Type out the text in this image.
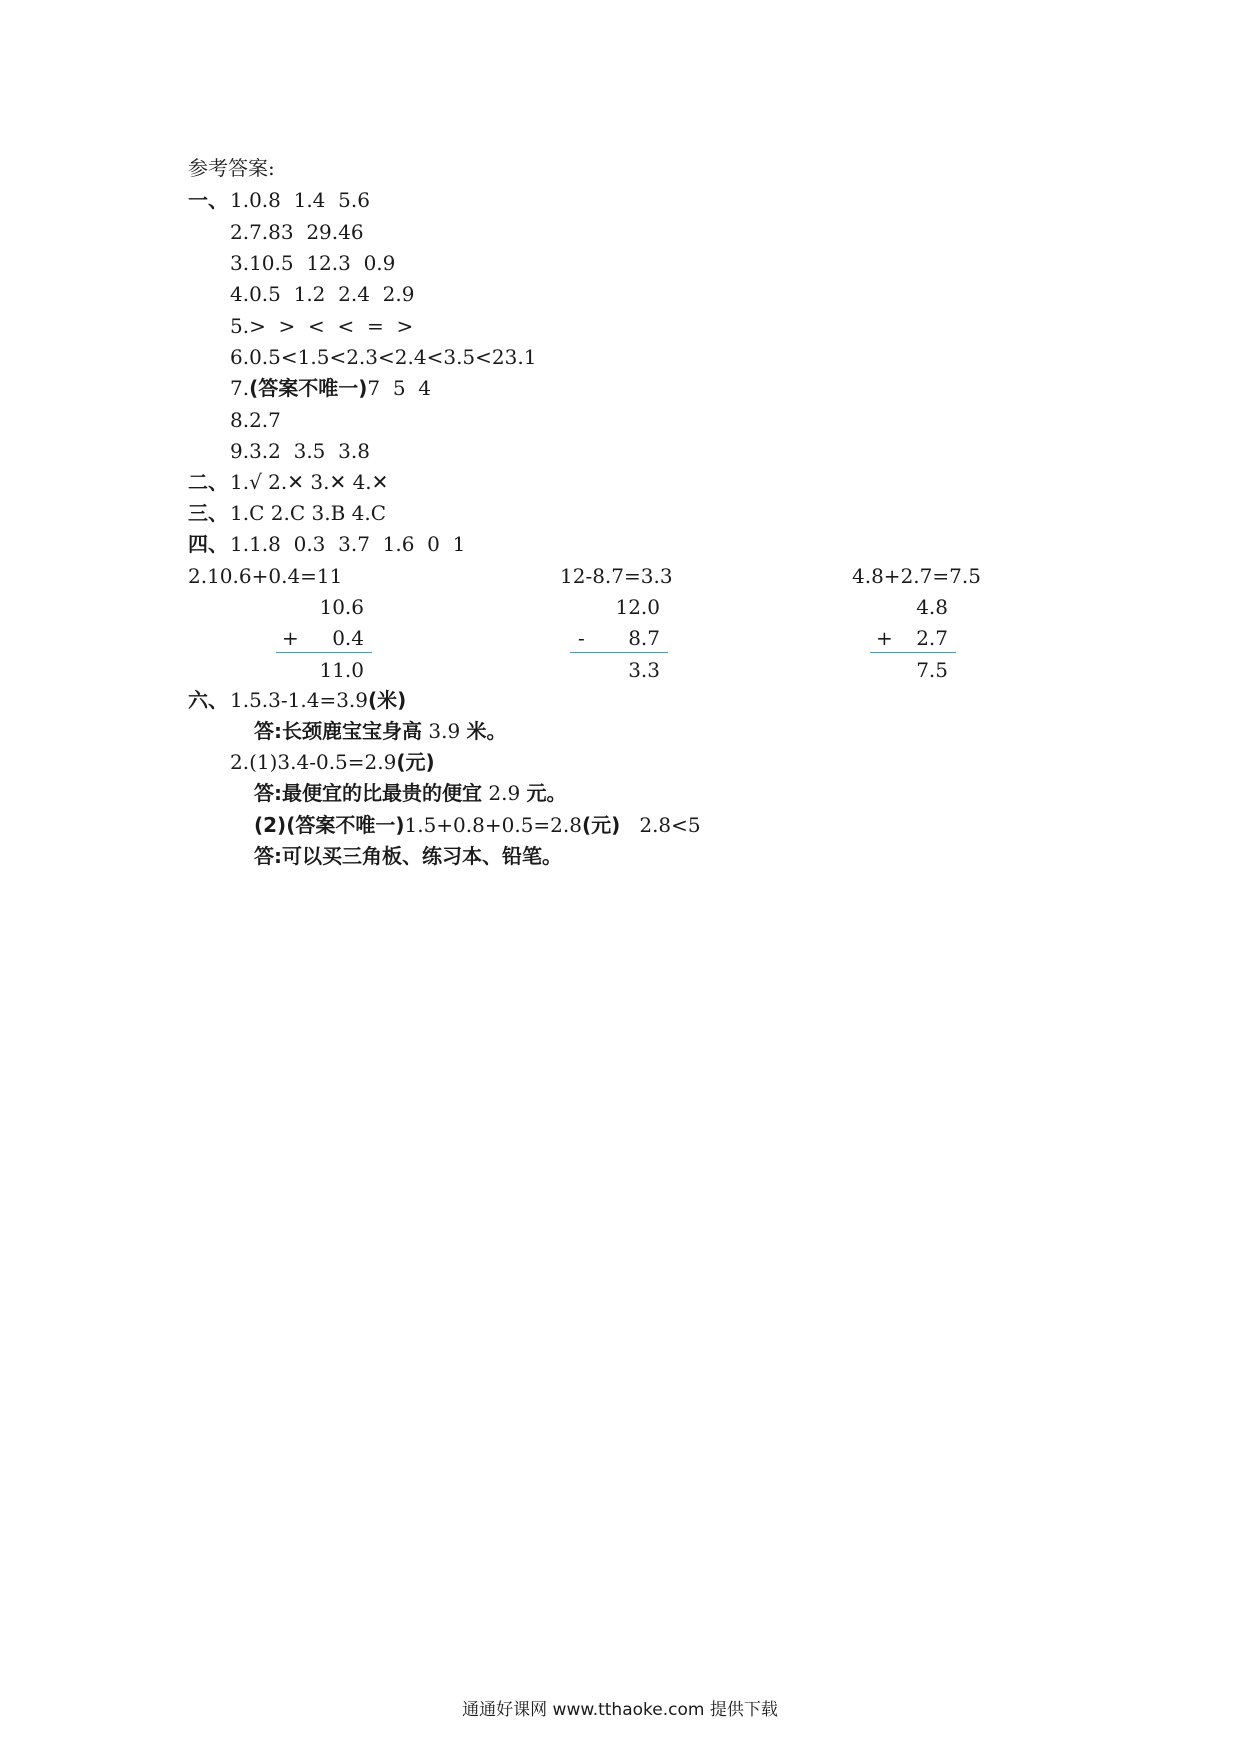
参考答案:
一、 1.0.8  1.4  5.6
2.7.83  29.46
3.10.5  12.3  0.9
4.0.5  1.2  2.4  2.9
5.>  >  <  <  =  >
6.0.5<1.5<2.3<2.4<3.5<23.1
7.(答案不唯一)7  5  4
8.2.7
9.3.2  3.5  3.8
二、 1.√ 2.✕ 3.✕ 4.✕
三、 1.C 2.C 3.B 4.C
四、 1.1.8  0.3  3.7  1.6  0  1
2.10.6+0.4=11
10.6
+	0.4
11.0
12-8.7=3.3
12.0
-	8.7
3.3
4.8+2.7=7.5
4.8
+	2.7
7.5
六、 1.5.3-1.4=3.9(米)
答:长颈鹿宝宝身高 3.9 米。
2.(1)3.4-0.5=2.9(元)
答:最便宜的比最贵的便宜 2.9 元。
(2)(答案不唯一)1.5+0.8+0.5=2.8(元) 2.8<5
答:可以买三角板、练习本、铅笔。
通通好课网 www.tthaoke.com 提供下载
